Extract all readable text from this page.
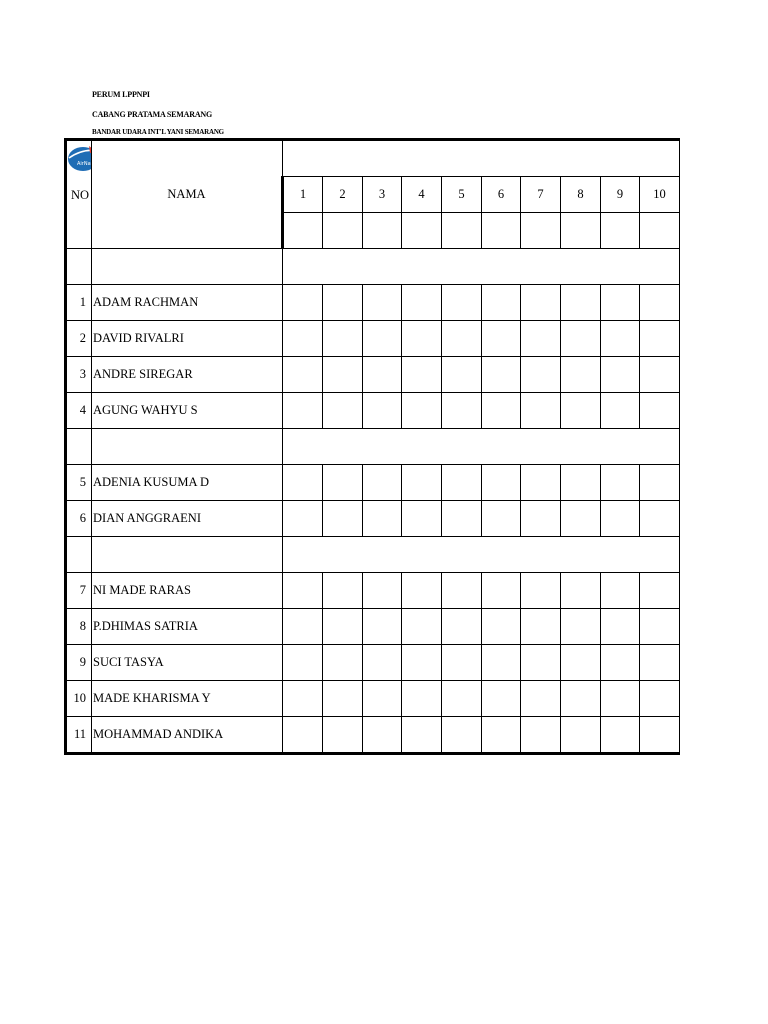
PERUM LPPNPI
CABANG PRATAMA SEMARANG
BANDAR UDARA INT'L YANI SEMARANG
AirNav
NO	NAMA										
		1	2	3	4	5	6	7	8	9	10

1	ADAM RACHMAN										
2	DAVID RIVALRI										
3	ANDRE SIREGAR										
4	AGUNG WAHYU S										

5	ADENIA KUSUMA D										
6	DIAN ANGGRAENI										

7	NI MADE RARAS										
8	P.DHIMAS SATRIA										
9	SUCI TASYA										
10	MADE KHARISMA Y										
11	MOHAMMAD ANDIKA										
